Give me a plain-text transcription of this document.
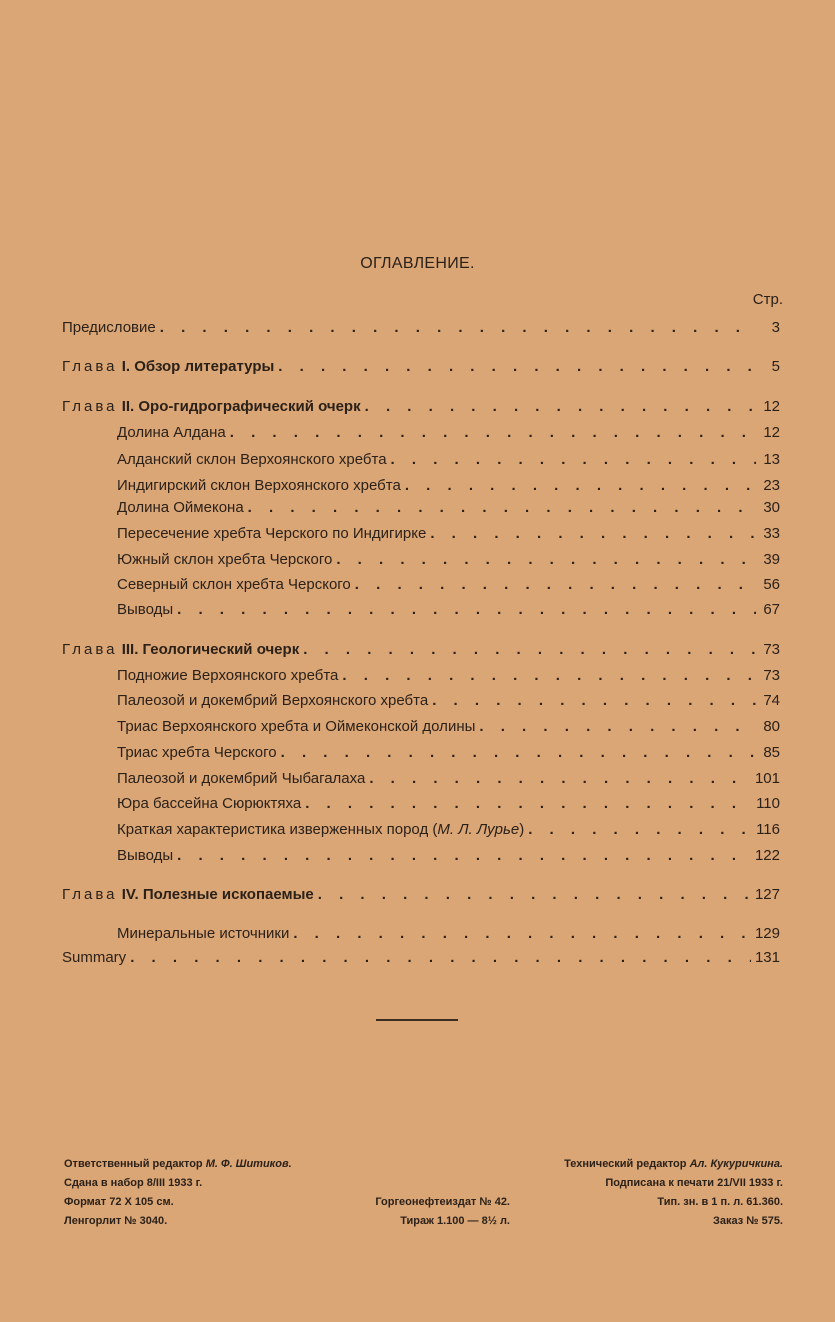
ОГЛАВЛЕНИЕ.
Стр.
Предисловие . . .	3
Глава I. Обзор литературы . . .	5
Глава II. Оро-гидрографический очерк . . .	12
Долина Алдана . . .	12
Алданский склон Верхоянского хребта . . .	13
Индигирский склон Верхоянского хребта . . .	23
Долина Оймекона . . .	30
Пересечение хребта Черского по Индигирке . . .	33
Южный склон хребта Черского . . .	39
Северный склон хребта Черского . . .	56
Выводы . . .	67
Глава III. Геологический очерк . . .	73
Подножие Верхоянского хребта . . .	73
Палеозой и докембрий Верхоянского хребта . . .	74
Триас Верхоянского хребта и Оймеконской долины . . .	80
Триас хребта Черского . . .	85
Палеозой и докембрий Чыбагалаха . . .	101
Юра бассейна Сюрюктяха . . .	110
Краткая характеристика изверженных пород (М. Л. Лурье) . . .	116
Выводы . . .	122
Глава IV. Полезные ископаемые . . .	127
Минеральные источники . . .	129
Summary . . .	131
Ответственный редактор М. Ф. Шитиков.
Сдана в набор 8/III 1933 г.
Формат 72 X 105 см.
Ленгорлит № 3040.

Горгеонефтеиздат № 42.
Тираж 1.100 — 8½ л.
Технический редактор Ал. Кукуричкина.
Подписана к печати 21/VII 1933 г.
Тип. зн. в 1 п. л. 61.360.
Заказ № 575.
